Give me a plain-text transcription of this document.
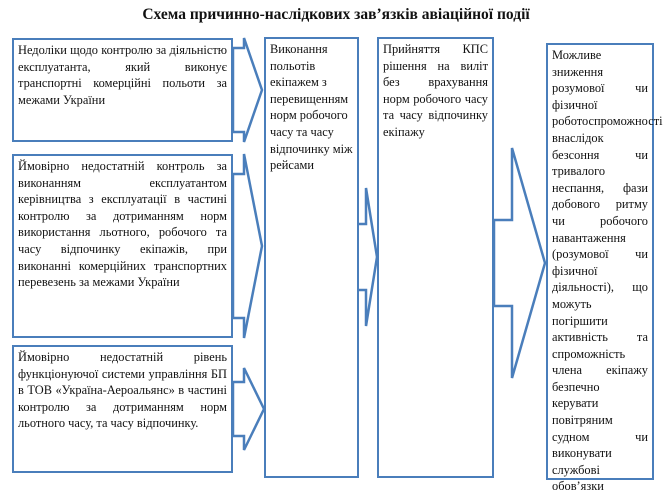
Схема причинно-наслідкових зав’язків авіаційної події
Недоліки щодо контролю за діяльністю експлуатанта, який виконує транспортні комерційні польоти за межами України
Ймовірно недостатній контроль за виконанням експлуатантом керівництва з експлуатації в частині контролю за дотриманням норм використання льотного, робочого та часу відпочинку екіпажів, при виконанні комерційних транспортних перевезень за межами України
Ймовірно недостатній рівень функціонуючої системи управління БП в ТОВ «Україна-Аероальянс» в частині контролю за дотриманням норм льотного часу, та часу відпочинку.
Виконання польотів екіпажем з перевищенням норм робочого часу та часу відпочинку між рейсами
Прийняття КПС рішення на виліт без врахування норм робочого часу та часу відпочинку екіпажу
Можливе зниження розумової чи фізичної роботоспроможності внаслідок безсоння чи тривалого неспання, фази добового ритму чи робочого навантаження (розумової чи фізичної діяльності), що можуть погіршити активність та спроможність члена екіпажу безпечно керувати повітряним судном чи виконувати службові обов’язки
